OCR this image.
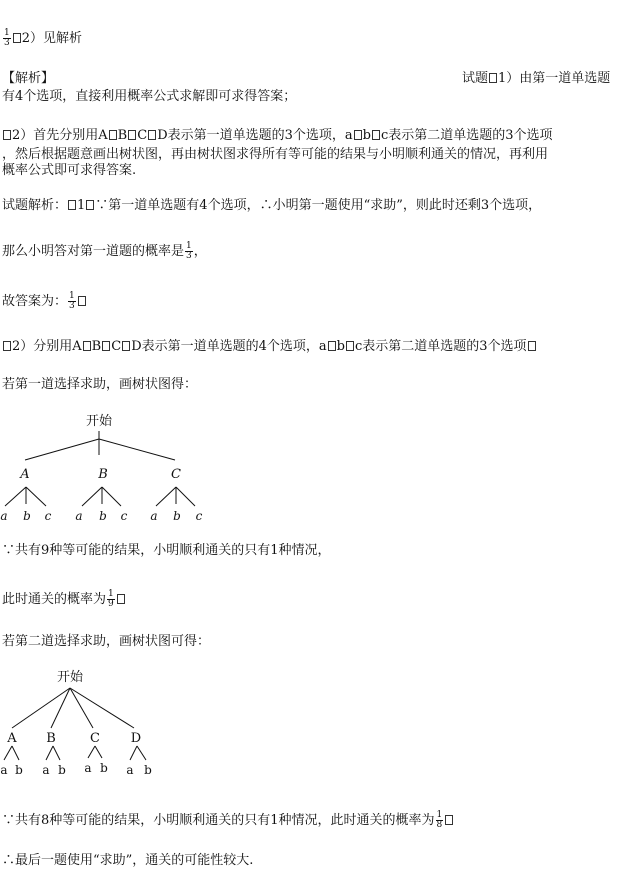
$\frac{1}{3} 2$）见解析
【解析】	试题 1）由第一道单选题
有4个选项，直接利用概率公式求解即可求得答案；
2）首先分别用A B C D表示第一道单选题的3个选项，a b c表示第二道单选题的3个选项
，然后根据题意画出树状图，再由树状图求得所有等可能的结果与小明顺利通关的情况，再利用
概率公式即可求得答案.
试题解析： 1 ∵第一道单选题有4个选项，∴小明第一题使用“求助”，则此时还剩3个选项，
那么小明答对第一道题的概率是 $\frac{1}{3}$ ，
故答案为： $\frac{1}{3}$
2）分别用A B C D表示第一道单选题的4个选项，a b c表示第二道单选题的3个选项
若第一道选择求助，画树状图得：
开始
A	B	C
a b c a b c a b c
∵共有9种等可能的结果，小明顺利通关的只有1种情况，
此时通关的概率为 $\frac{1}{9}$
若第二道选择求助，画树状图可得：
开始
A B	C D
a b a b a b a b
∵共有8种等可能的结果，小明顺利通关的只有1种情况，此时通关的概率为 $\frac{1}{8}$
∴最后一题使用“求助”，通关的可能性较大.
